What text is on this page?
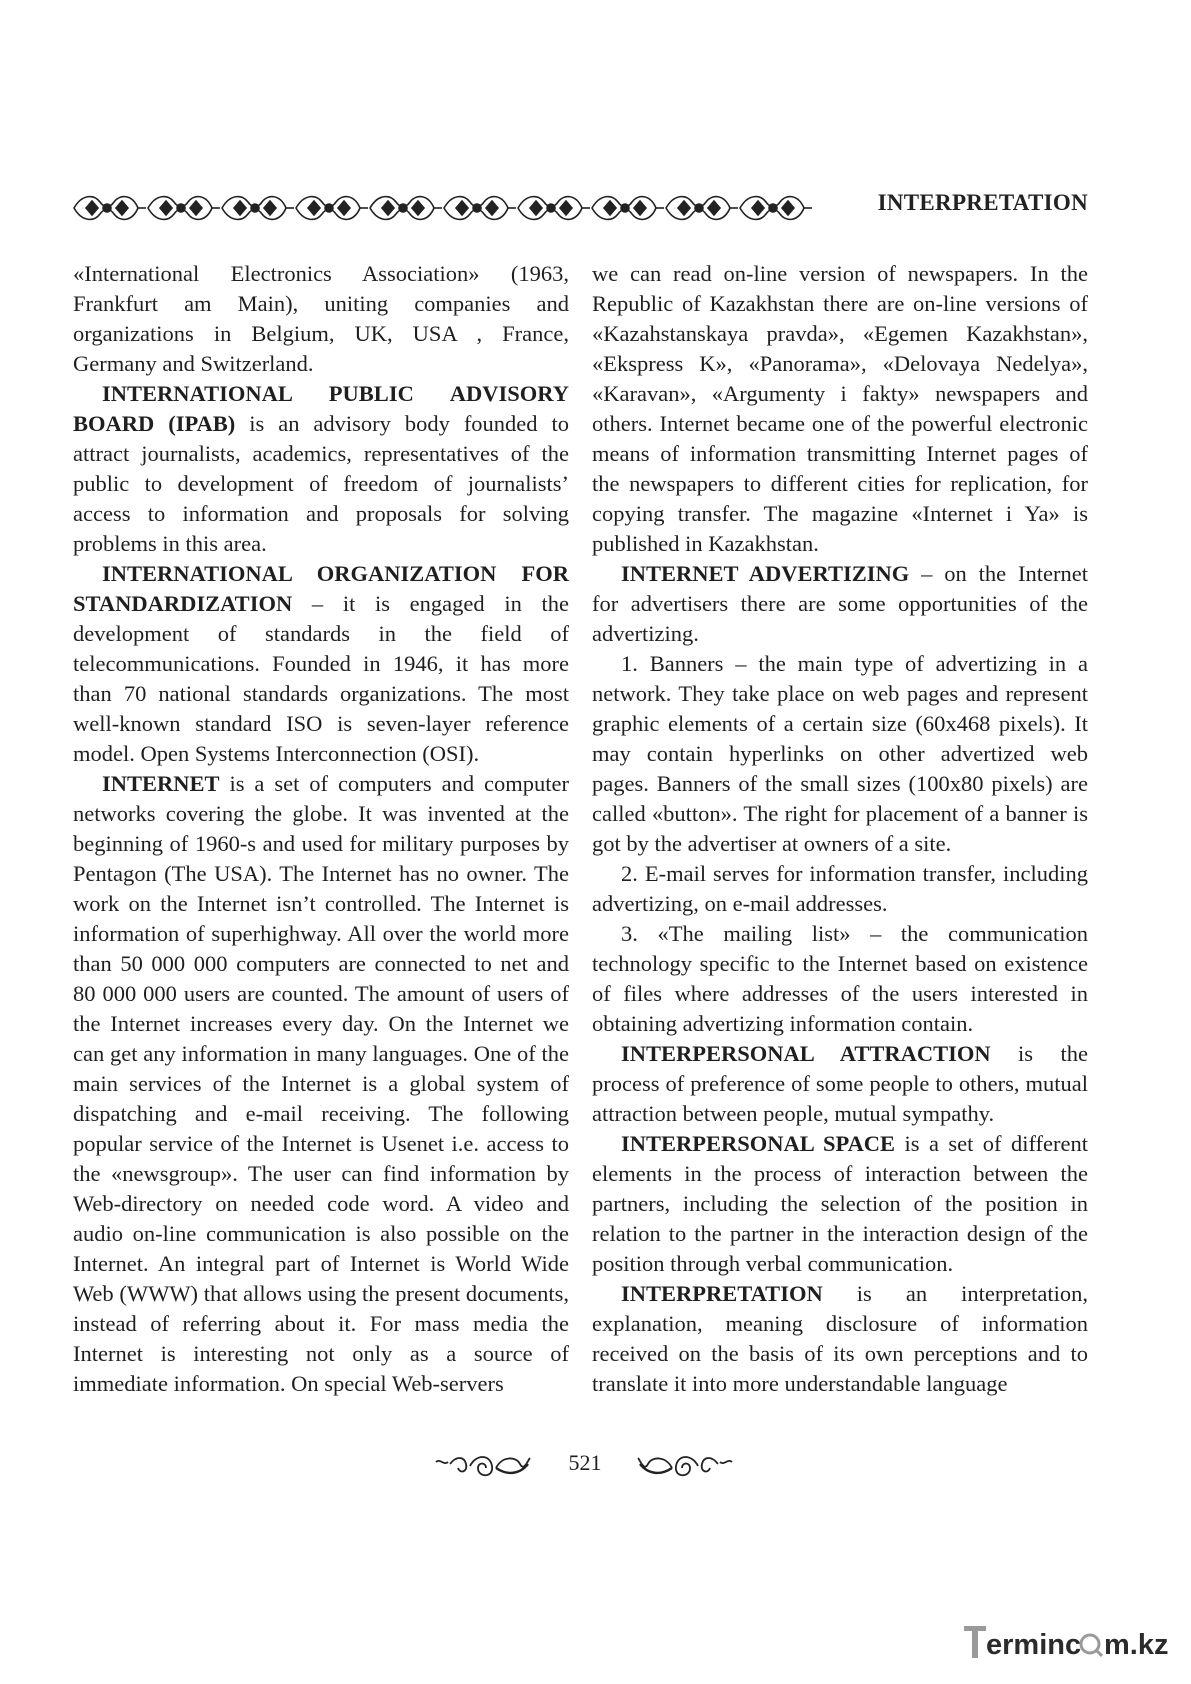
INTERPRETATION

«International Electronics Association» (1963, Frankfurt am Main), uniting companies and organizations in Belgium, UK, USA , France, Germany and Switzerland.

INTERNATIONAL PUBLIC ADVISORY BOARD (IPAB) is an advisory body founded to attract journalists, academics, representatives of the public to development of freedom of journalists’ access to information and proposals for solving problems in this area.

INTERNATIONAL ORGANIZATION FOR STANDARDIZATION – it is engaged in the development of standards in the field of telecommunications. Founded in 1946, it has more than 70 national standards organizations. The most well-known standard ISO is seven-layer reference model. Open Systems Interconnection (OSI).

INTERNET is a set of computers and computer networks covering the globe. It was invented at the beginning of 1960-s and used for military purposes by Pentagon (The USA). The Internet has no owner. The work on the Internet isn’t controlled. The Internet is information of superhighway. All over the world more than 50 000 000 computers are connected to net and 80 000 000 users are counted. The amount of users of the Internet increases every day. On the Internet we can get any information in many languages. One of the main services of the Internet is a global system of dispatching and e-mail receiving. The following popular service of the Internet is Usenet i.e. access to the «newsgroup». The user can find information by Web-directory on needed code word. A video and audio on-line communication is also possible on the Internet. An integral part of Internet is World Wide Web (WWW) that allows using the present documents, instead of referring about it. For mass media the Internet is interesting not only as a source of immediate information. On special Web-servers

we can read on-line version of newspapers. In the Republic of Kazakhstan there are on-line versions of «Kazahstanskaya pravda», «Egemen Kazakhstan», «Ekspress K», «Panorama», «Delovaya Nedelya», «Karavan», «Argumenty i fakty» newspapers and others. Internet became one of the powerful electronic means of information transmitting Internet pages of the newspapers to different cities for replication, for copying transfer. The magazine «Internet i Ya» is published in Kazakhstan.

INTERNET ADVERTIZING – on the Internet for advertisers there are some opportunities of the advertizing.

1. Banners – the main type of advertizing in a network. They take place on web pages and represent graphic elements of a certain size (60x468 pixels). It may contain hyperlinks on other advertized web pages. Banners of the small sizes (100x80 pixels) are called «button». The right for placement of a banner is got by the advertiser at owners of a site.

2. E-mail serves for information transfer, including advertizing, on e-mail addresses.

3. «The mailing list» – the communication technology specific to the Internet based on existence of files where addresses of the users interested in obtaining advertizing information contain.

INTERPERSONAL ATTRACTION is the process of preference of some people to others, mutual attraction between people, mutual sympathy.

INTERPERSONAL SPACE is a set of different elements in the process of interaction between the partners, including the selection of the position in relation to the partner in the interaction design of the position through verbal communication.

INTERPRETATION is an interpretation, explanation, meaning disclosure of information received on the basis of its own perceptions and to translate it into more understandable language

521
erminc m.kz
